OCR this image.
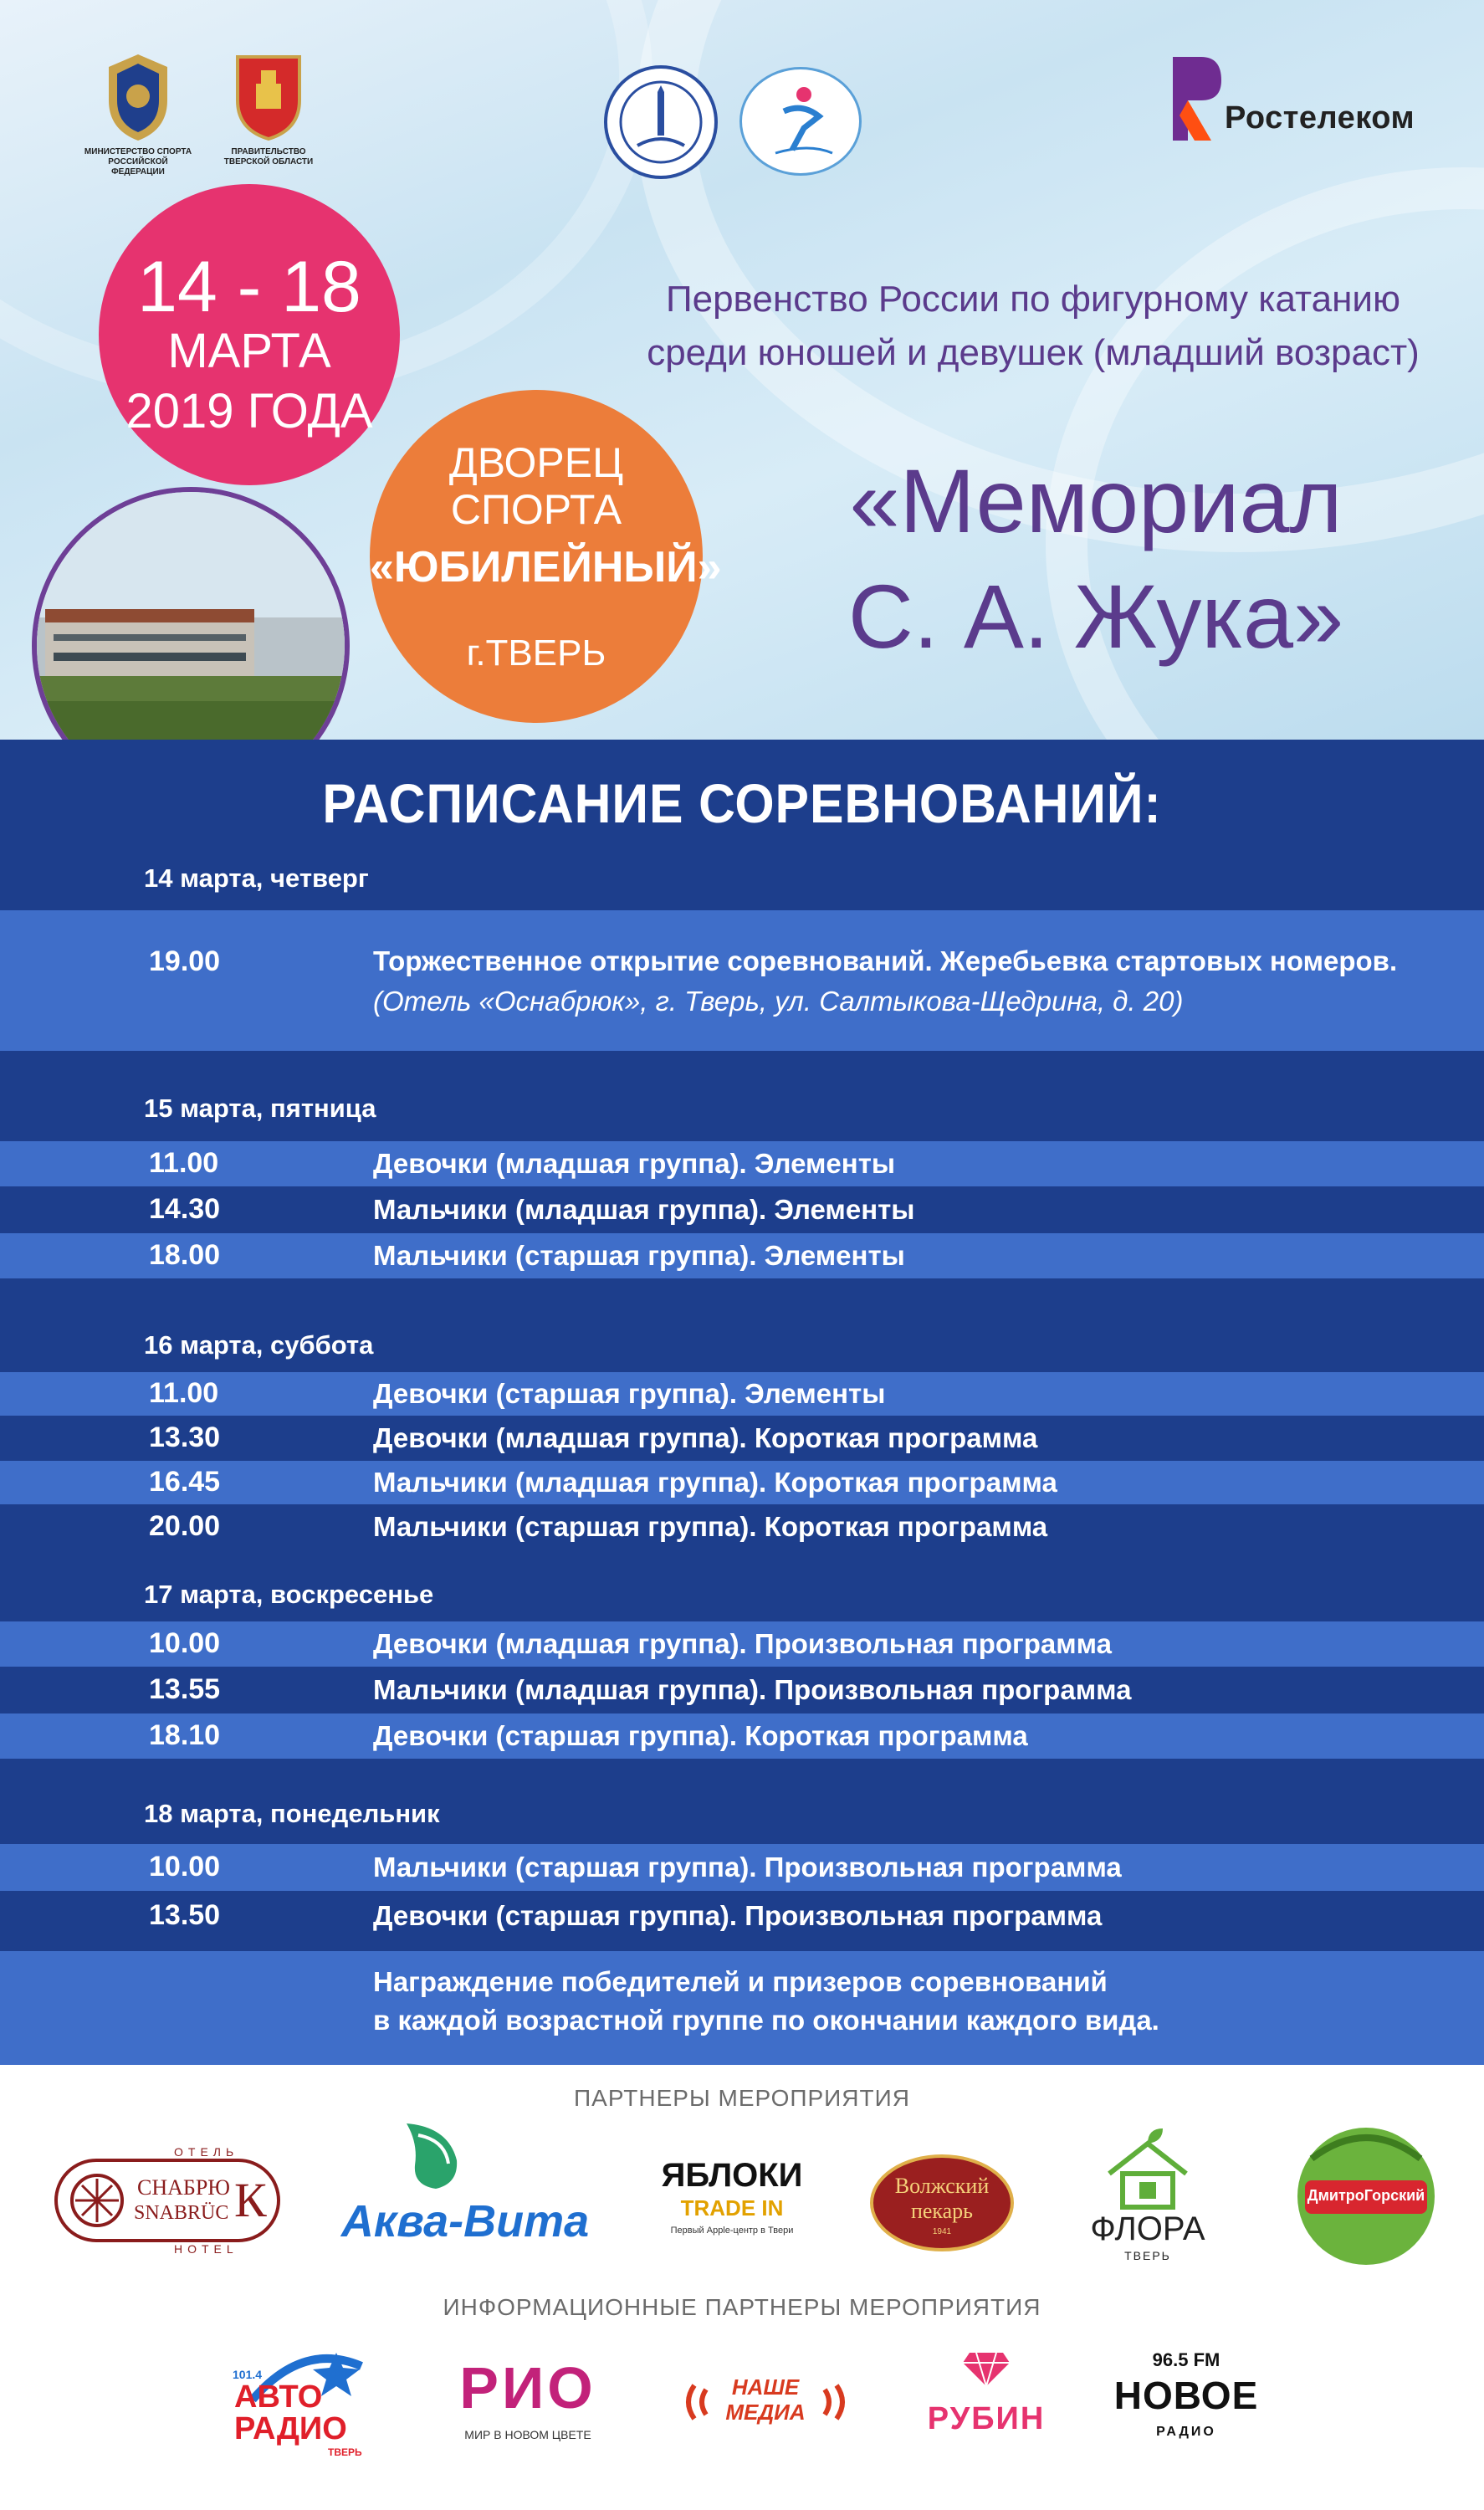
МИНИСТЕРСТВО СПОРТА РОССИЙСКОЙ ФЕДЕРАЦИИ
ПРАВИТЕЛЬСТВО ТВЕРСКОЙ ОБЛАСТИ
Ростелеком
14 - 18
МАРТА
2019 ГОДА
ДВОРЕЦ
СПОРТА
«ЮБИЛЕЙНЫЙ»
г.ТВЕРЬ
Первенство России по фигурному катанию
среди юношей и девушек (младший возраст)
«Мемориал
С. А. Жука»
РАСПИСАНИЕ СОРЕВНОВАНИЙ:
14 марта, четверг
19.00	Торжественное открытие соревнований. Жеребьевка стартовых номеров.
(Отель «Оснабрюк», г. Тверь, ул. Салтыкова-Щедрина, д. 20)
15 марта, пятница
11.00	Девочки (младшая группа). Элементы
14.30	Мальчики (младшая группа). Элементы
18.00	Мальчики (старшая группа). Элементы
16 марта, суббота
11.00	Девочки (старшая группа). Элементы
13.30	Девочки (младшая группа). Короткая программа
16.45	Мальчики (младшая группа). Короткая программа
20.00	Мальчики (старшая группа). Короткая программа
17 марта, воскресенье
10.00	Девочки (младшая группа). Произвольная программа
13.55	Мальчики (младшая группа). Произвольная программа
18.10	Девочки (старшая группа). Короткая программа
18 марта, понедельник
10.00	Мальчики (старшая группа). Произвольная программа
13.50	Девочки (старшая группа). Произвольная программа
Награждение победителей и призеров соревнований
в каждой возрастной группе по окончании каждого вида.
ПАРТНЕРЫ МЕРОПРИЯТИЯ
ОТЕЛЬ
СНАБРЮ
SNABRÜC К
HOTEL
Аква-Вита
ЯБЛОКИ
TRADE IN
Первый Apple-центр в Твери
Волжский
пекарь
1941	ФЛОРА
ТВЕРЬ
ДмитроГорский
ИНФОРМАЦИОННЫЕ ПАРТНЕРЫ МЕРОПРИЯТИЯ
101.4
АВТО
РАДИО
ТВЕРЬ
РИО
МИР В НОВОМ ЦВЕТЕ
НАШЕ
МЕДИА	РУБИН
96.5 FM
НОВОЕ
РАДИО
